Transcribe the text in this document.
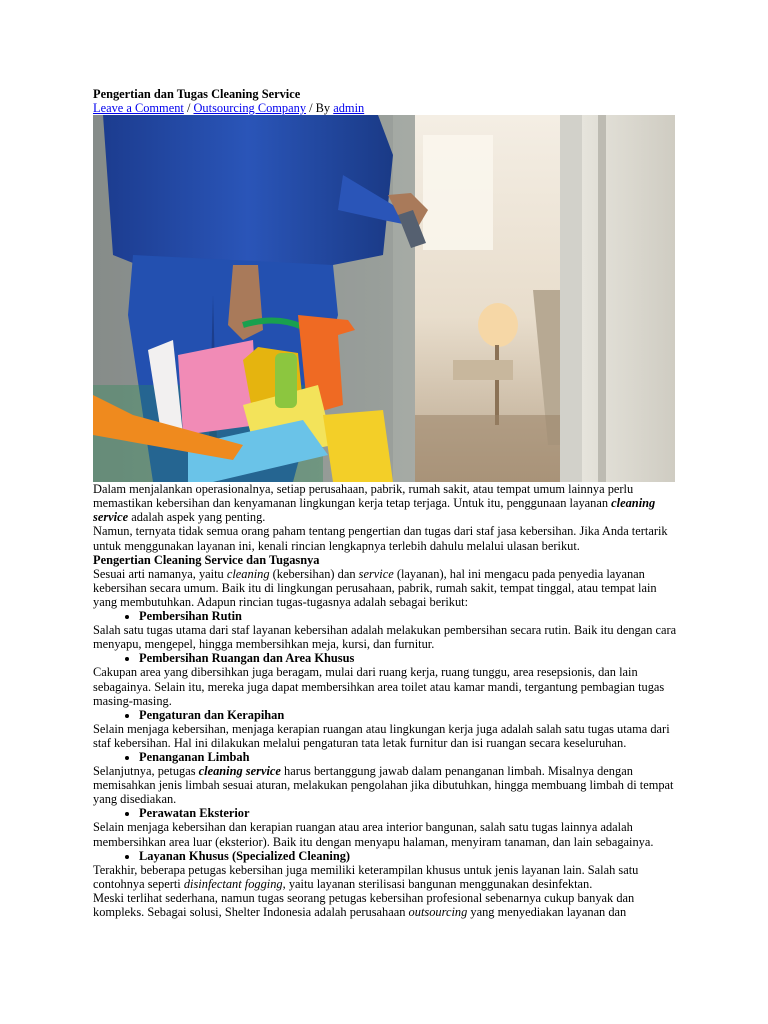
Pengertian dan Tugas Cleaning Service
Leave a Comment / Outsourcing Company / By admin

Dalam menjalankan operasionalnya, setiap perusahaan, pabrik, rumah sakit, atau tempat umum lainnya perlu memastikan kebersihan dan kenyamanan lingkungan kerja tetap terjaga. Untuk itu, penggunaan layanan cleaning service adalah aspek yang penting.

Namun, ternyata tidak semua orang paham tentang pengertian dan tugas dari staf jasa kebersihan. Jika Anda tertarik untuk menggunakan layanan ini, kenali rincian lengkapnya terlebih dahulu melalui ulasan berikut.

Pengertian Cleaning Service dan Tugasnya

Sesuai arti namanya, yaitu cleaning (kebersihan) dan service (layanan), hal ini mengacu pada penyedia layanan kebersihan secara umum. Baik itu di lingkungan perusahaan, pabrik, rumah sakit, tempat tinggal, atau tempat lain yang membutuhkan. Adapun rincian tugas-tugasnya adalah sebagai berikut:

• Pembersihan Rutin

Salah satu tugas utama dari staf layanan kebersihan adalah melakukan pembersihan secara rutin. Baik itu dengan cara menyapu, mengepel, hingga membersihkan meja, kursi, dan furnitur.

• Pembersihan Ruangan dan Area Khusus

Cakupan area yang dibersihkan juga beragam, mulai dari ruang kerja, ruang tunggu, area resepsionis, dan lain sebagainya. Selain itu, mereka juga dapat membersihkan area toilet atau kamar mandi, tergantung pembagian tugas masing-masing.

• Pengaturan dan Kerapihan

Selain menjaga kebersihan, menjaga kerapian ruangan atau lingkungan kerja juga adalah salah satu tugas utama dari staf kebersihan. Hal ini dilakukan melalui pengaturan tata letak furnitur dan isi ruangan secara keseluruhan.

• Penanganan Limbah

Selanjutnya, petugas cleaning service harus bertanggung jawab dalam penanganan limbah. Misalnya dengan memisahkan jenis limbah sesuai aturan, melakukan pengolahan jika dibutuhkan, hingga membuang limbah di tempat yang disediakan.

• Perawatan Eksterior

Selain menjaga kebersihan dan kerapian ruangan atau area interior bangunan, salah satu tugas lainnya adalah membersihkan area luar (eksterior). Baik itu dengan menyapu halaman, menyiram tanaman, dan lain sebagainya.

• Layanan Khusus (Specialized Cleaning)

Terakhir, beberapa petugas kebersihan juga memiliki keterampilan khusus untuk jenis layanan lain. Salah satu contohnya seperti disinfectant fogging, yaitu layanan sterilisasi bangunan menggunakan desinfektan.

Meski terlihat sederhana, namun tugas seorang petugas kebersihan profesional sebenarnya cukup banyak dan kompleks. Sebagai solusi, Shelter Indonesia adalah perusahaan outsourcing yang menyediakan layanan dan
